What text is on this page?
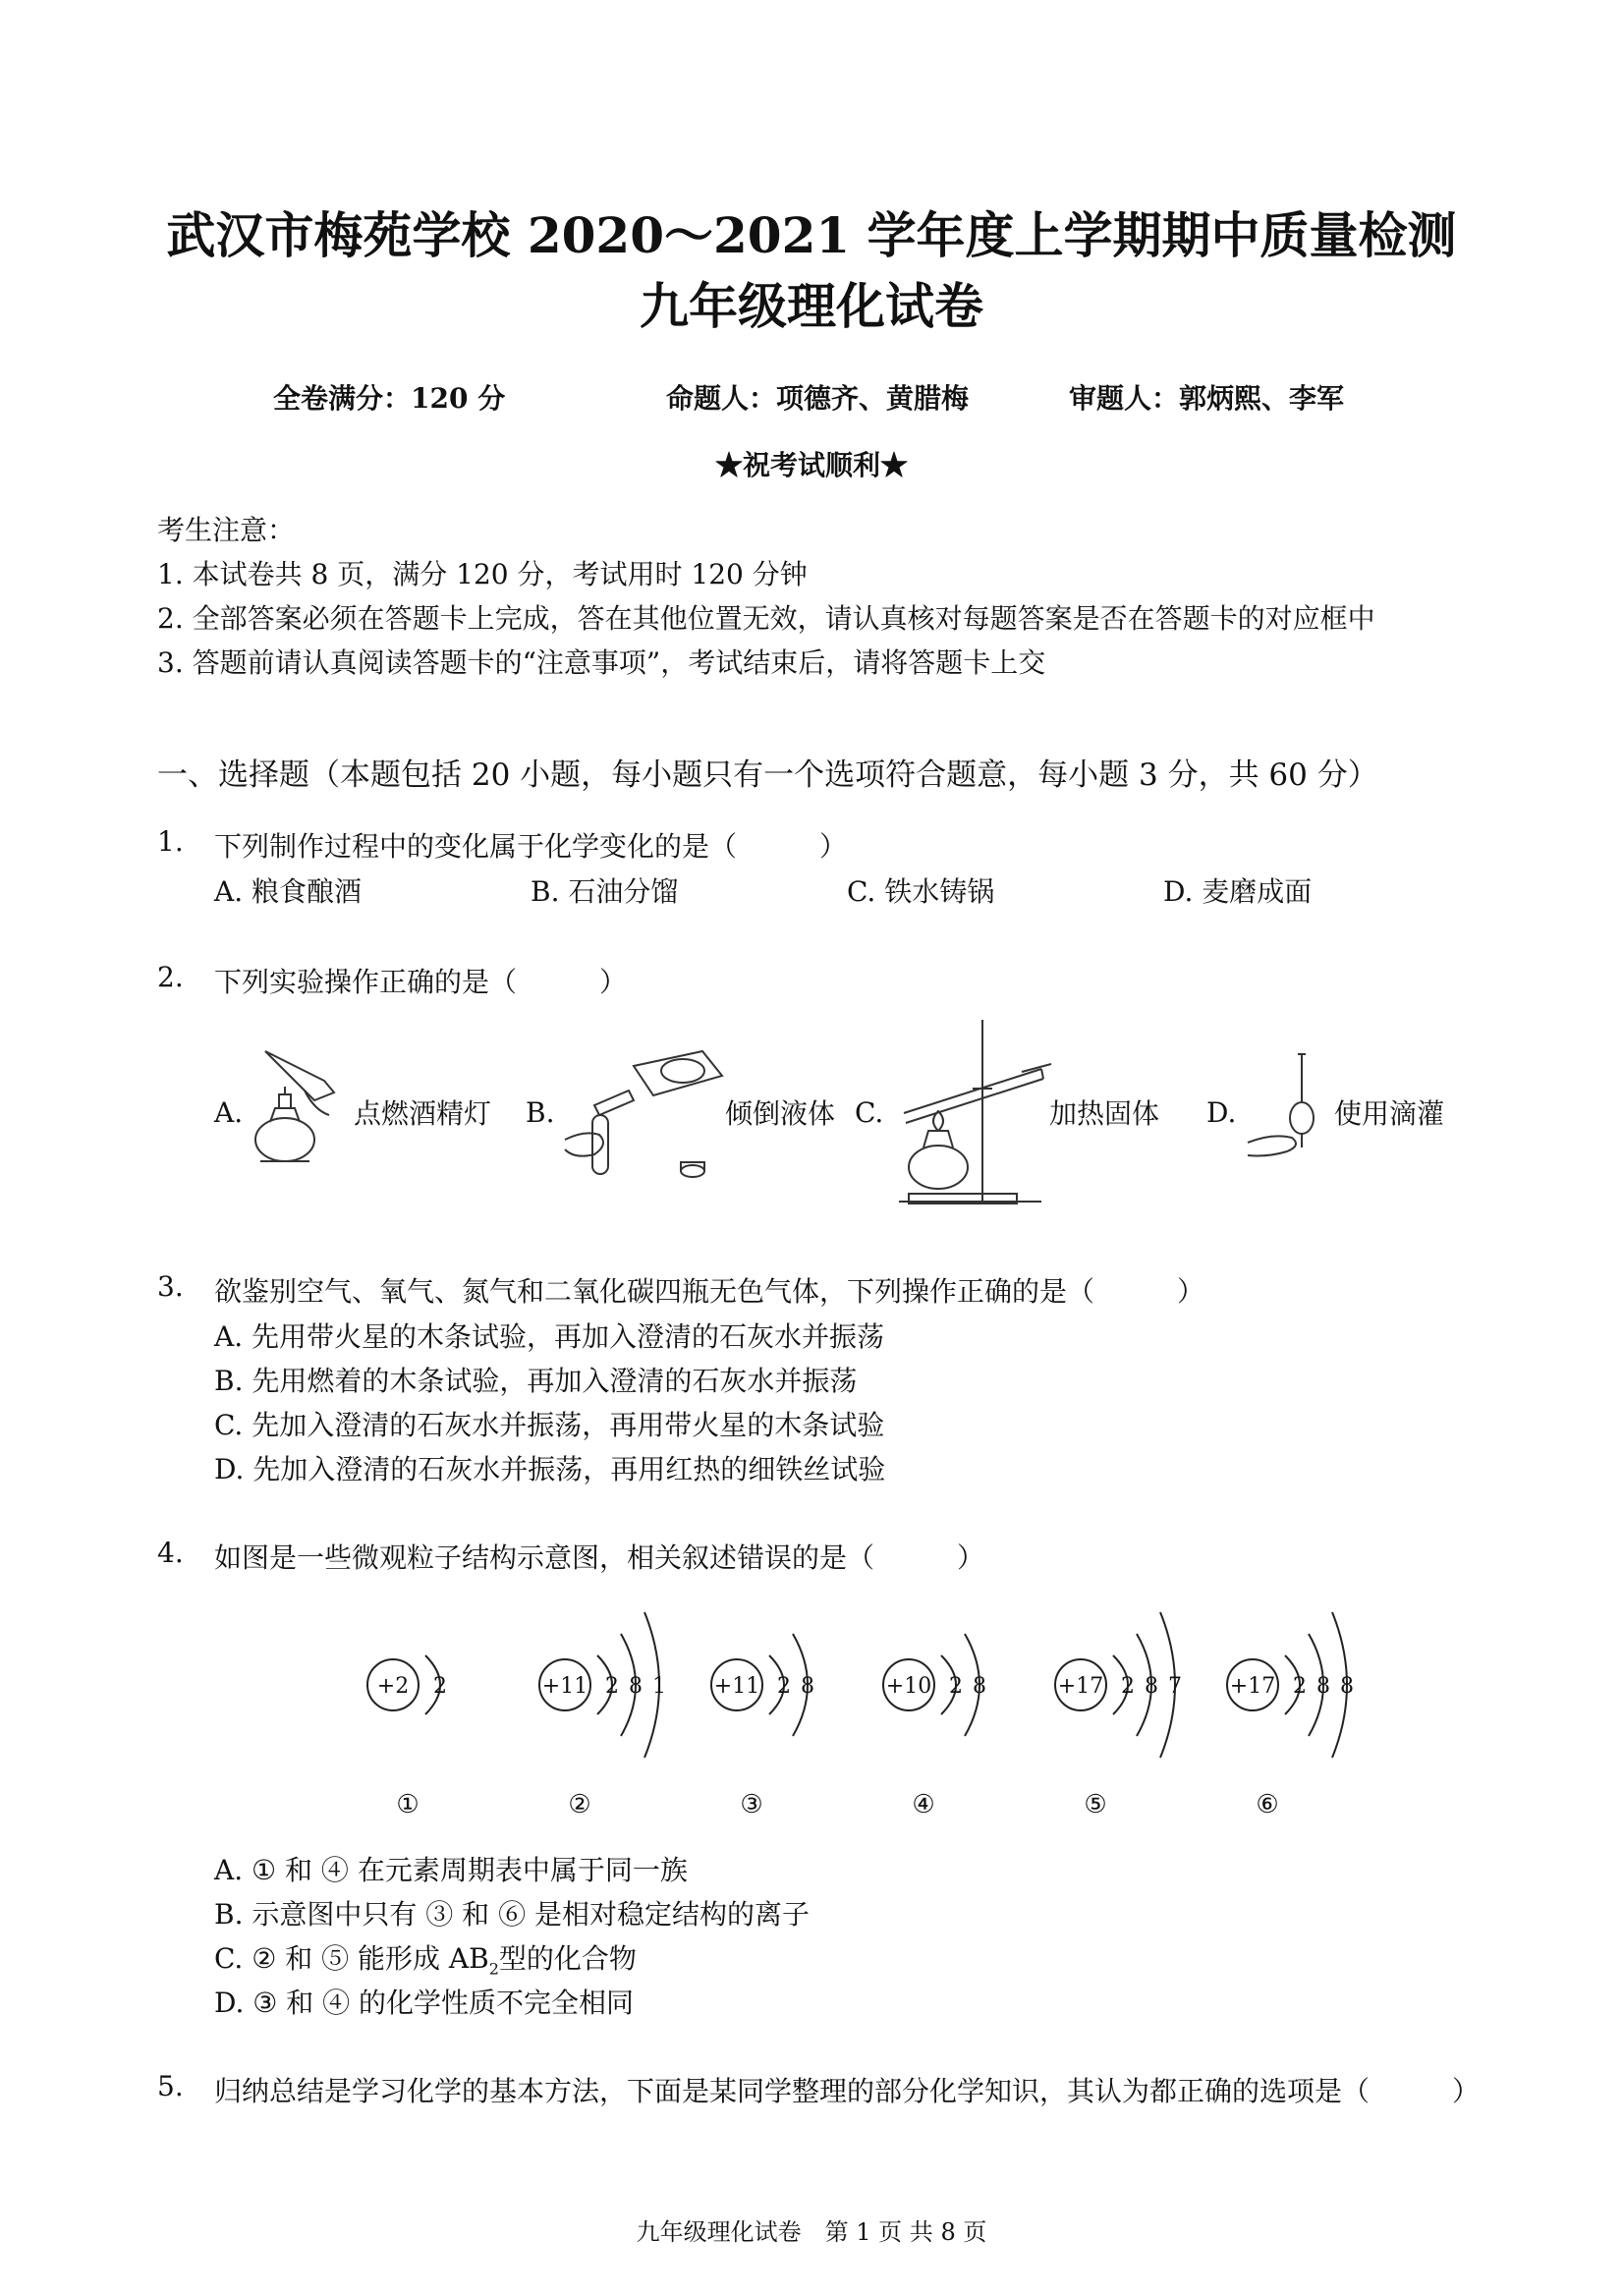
武汉市梅苑学校 2020～2021 学年度上学期期中质量检测
九年级理化试卷
全卷满分：120 分	命题人：项德齐、黄腊梅	审题人：郭炳熙、李军
★祝考试顺利★
考生注意：
1. 本试卷共 8 页，满分 120 分，考试用时 120 分钟
2. 全部答案必须在答题卡上完成，答在其他位置无效，请认真核对每题答案是否在答题卡的对应框中
3. 答题前请认真阅读答题卡的“注意事项”，考试结束后，请将答题卡上交
一、选择题（本题包括 20 小题，每小题只有一个选项符合题意，每小题 3 分，共 60 分）
1. 下列制作过程中的变化属于化学变化的是（　　　）
A. 粮食酿酒	B. 石油分馏	C. 铁水铸锅	D. 麦磨成面
2. 下列实验操作正确的是（　　　）
A.	点燃酒精灯 B.	倾倒液体 C.	加热固体 D.	使用滴灌
3. 欲鉴别空气、氧气、氮气和二氧化碳四瓶无色气体，下列操作正确的是（　　　）
A. 先用带火星的木条试验，再加入澄清的石灰水并振荡
B. 先用燃着的木条试验，再加入澄清的石灰水并振荡
C. 先加入澄清的石灰水并振荡，再用带火星的木条试验
D. 先加入澄清的石灰水并振荡，再用红热的细铁丝试验
4. 如图是一些微观粒子结构示意图，相关叙述错误的是（　　　）
+2 2
①
+11 2 8 1
②
+11 2 8
③
+10 2 8
④
+17 2 8 7
⑤
+17 2 8 8
⑥
A. ① 和 ④ 在元素周期表中属于同一族
B. 示意图中只有 ③ 和 ⑥ 是相对稳定结构的离子
C. ② 和 ⑤ 能形成 $AB_2$型的化合物
D. ③ 和 ④ 的化学性质不完全相同
5. 归纳总结是学习化学的基本方法，下面是某同学整理的部分化学知识，其认为都正确的选项是（　　　）
九年级理化试卷　第 1 页 共 8 页
